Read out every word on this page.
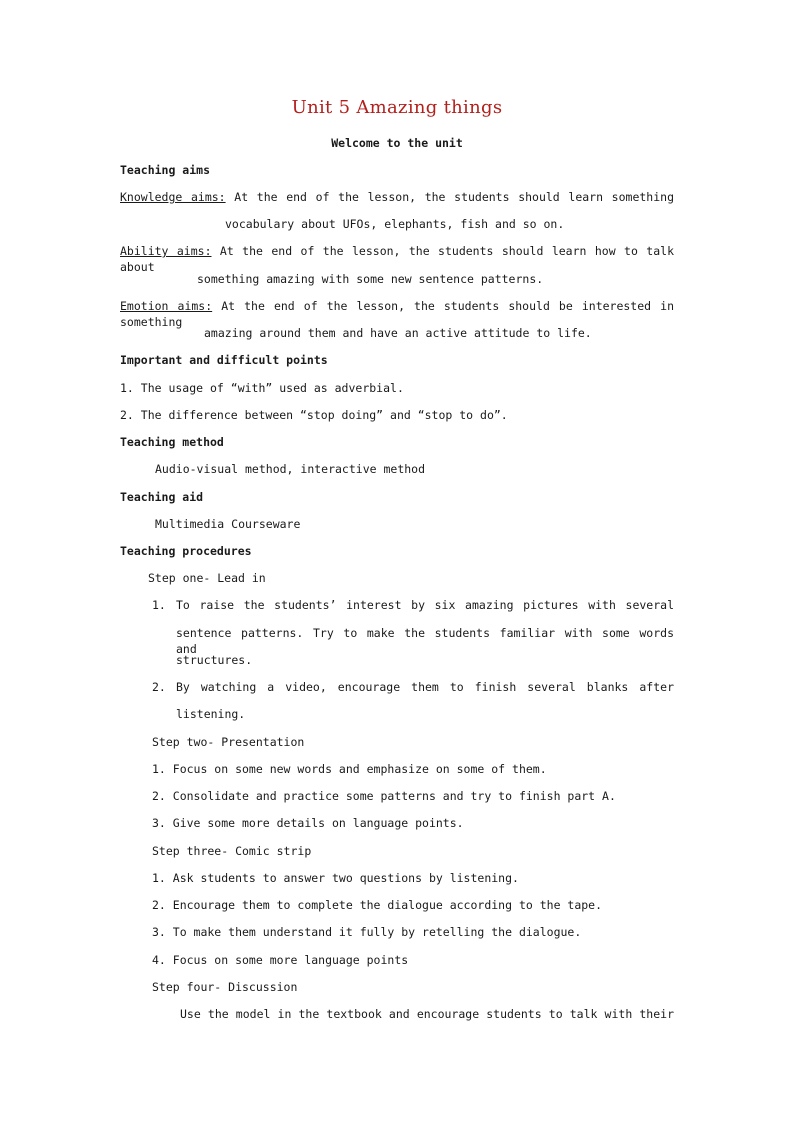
Unit 5 Amazing things
Welcome to the unit
Teaching aims
Knowledge aims: At the end of the lesson, the students should learn something
vocabulary about UFOs, elephants, fish and so on.
Ability aims: At the end of the lesson, the students should learn how to talk about
something amazing with some new sentence patterns.
Emotion aims: At the end of the lesson, the students should be interested in something
amazing around them and have an active attitude to life.
Important and difficult points
1. The usage of “with” used as adverbial.
2. The difference between “stop doing” and “stop to do”.
Teaching method
Audio-visual method, interactive method
Teaching aid
Multimedia Courseware
Teaching procedures
Step one- Lead in
1. To raise the students’ interest by six amazing pictures with several
sentence patterns. Try to make the students familiar with some words and
structures.
2. By watching a video, encourage them to finish several blanks after
listening.
Step two- Presentation
1. Focus on some new words and emphasize on some of them.
2. Consolidate and practice some patterns and try to finish part A.
3. Give some more details on language points.
Step three- Comic strip
1. Ask students to answer two questions by listening.
2. Encourage them to complete the dialogue according to the tape.
3. To make them understand it fully by retelling the dialogue.
4. Focus on some more language points
Step four- Discussion
Use the model in the textbook and encourage students to talk with their
